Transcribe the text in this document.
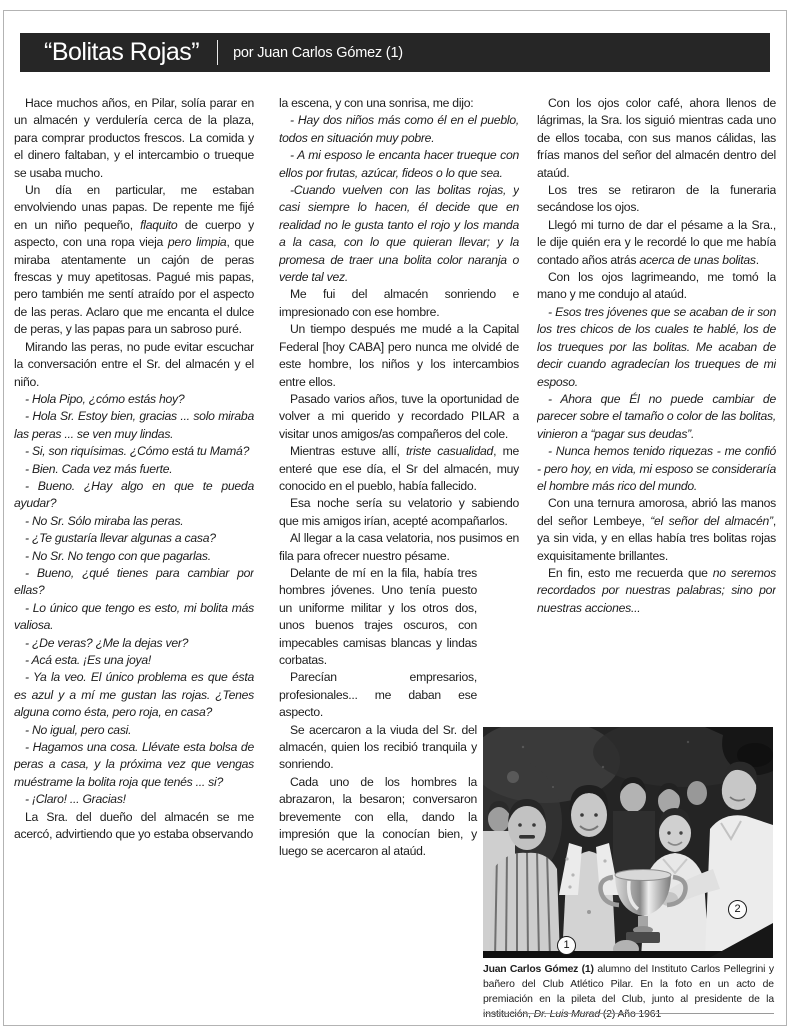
“Bolitas Rojas” por Juan Carlos Gómez (1)

Hace muchos años, en Pilar, solía parar en un almacén y verdulería cerca de la plaza, para comprar productos frescos. La comida y el dinero faltaban, y el intercambio o trueque se usaba mucho.

Un día en particular, me estaban envolviendo unas papas. De repente me fijé en un niño pequeño, flaquito de cuerpo y aspecto, con una ropa vieja pero limpia, que miraba atentamente un cajón de peras frescas y muy apetitosas. Pagué mis papas, pero también me sentí atraído por el aspecto de las peras. Aclaro que me encanta el dulce de peras, y las papas para un sabroso puré.

Mirando las peras, no pude evitar escuchar la conversación entre el Sr. del almacén y el niño.

- Hola Pipo, ¿cómo estás hoy?

- Hola Sr. Estoy bien, gracias ... solo miraba las peras ... se ven muy lindas.

- Si, son riquísimas. ¿Cómo está tu Mamá?

- Bien. Cada vez más fuerte.

- Bueno. ¿Hay algo en que te pueda ayudar?

- No Sr. Sólo miraba las peras.

- ¿Te gustaría llevar algunas a casa?

- No Sr. No tengo con que pagarlas.

- Bueno, ¿qué tienes para cambiar por ellas?

- Lo único que tengo es esto, mi bolita más valiosa.

- ¿De veras? ¿Me la dejas ver?

- Acá esta. ¡Es una joya!

- Ya la veo. El único problema es que ésta es azul y a mí me gustan las rojas. ¿Tenes alguna como ésta, pero roja, en casa?

- No igual, pero casi.

- Hagamos una cosa. Llévate esta bolsa de peras a casa, y la próxima vez que vengas muéstrame la bolita roja que tenés ... si?

- ¡Claro! ... Gracias!

La Sra. del dueño del almacén se me acercó, advirtiendo que yo estaba observando

la escena, y con una sonrisa, me dijo:

- Hay dos niños más como él en el pueblo, todos en situación muy pobre.

- A mi esposo le encanta hacer trueque con ellos por frutas, azúcar, fideos o lo que sea.

-Cuando vuelven con las bolitas rojas, y casi siempre lo hacen, él decide que en realidad no le gusta tanto el rojo y los manda a la casa, con lo que quieran llevar; y la promesa de traer una bolita color naranja o verde tal vez.

Me fui del almacén sonriendo e impresionado con ese hombre.

Un tiempo después me mudé a la Capital Federal [hoy CABA] pero nunca me olvidé de este hombre, los niños y los intercambios entre ellos.

Pasado varios años, tuve la oportunidad de volver a mi querido y recordado PILAR a visitar unos amigos/as compañeros del cole.

Mientras estuve allí, triste casualidad, me enteré que ese día, el Sr del almacén, muy conocido en el pueblo, había fallecido.

Esa noche sería su velatorio y sabiendo que mis amigos irían, acepté acompañarlos.

Al llegar a la casa velatoria, nos pusimos en fila para ofrecer nuestro pésame.

Delante de mí en la fila, había tres hombres jóvenes. Uno tenía puesto un uniforme militar y los otros dos, unos buenos trajes oscuros, con impecables camisas blancas y lindas corbatas.

Parecían empresarios, profesionales... me daban ese aspecto.

Se acercaron a la viuda del Sr. del almacén, quien los recibió tranquila y sonriendo.

Cada uno de los hombres la abrazaron, la besaron; conversaron brevemente con ella, dando la impresión que la conocían bien, y luego se acercaron al ataúd.

Con los ojos color café, ahora llenos de lágrimas, la Sra. los siguió mientras cada uno de ellos tocaba, con sus manos cálidas, las frías manos del señor del almacén dentro del ataúd.

Los tres se retiraron de la funeraria secándose los ojos.

Llegó mi turno de dar el pésame a la Sra., le dije quién era y le recordé lo que me había contado años atrás acerca de unas bolitas.

Con los ojos lagrimeando, me tomó la mano y me condujo al ataúd.

- Esos tres jóvenes que se acaban de ir son los tres chicos de los cuales te hablé, los de los trueques por las bolitas. Me acaban de decir cuando agradecían los trueques de mi esposo.

- Ahora que Él no puede cambiar de parecer sobre el tamaño o color de las bolitas, vinieron a “pagar sus deudas”.

- Nunca hemos tenido riquezas - me confió - pero hoy, en vida, mi esposo se consideraría el hombre más rico del mundo.

Con una ternura amorosa, abrió las manos del señor Lembeye, “el señor del almacén”, ya sin vida, y en ellas había tres bolitas rojas exquisitamente brillantes.

En fin, esto me recuerda que no seremos recordados por nuestras palabras; sino por nuestras acciones...

1
2
Juan Carlos Gómez (1) alumno del Instituto Carlos Pellegrini y bañero del Club Atlético Pilar. En la foto en un acto de premiación en la pileta del Club, junto al presidente de la institución, Dr. Luis Murad (2) Año 1961
